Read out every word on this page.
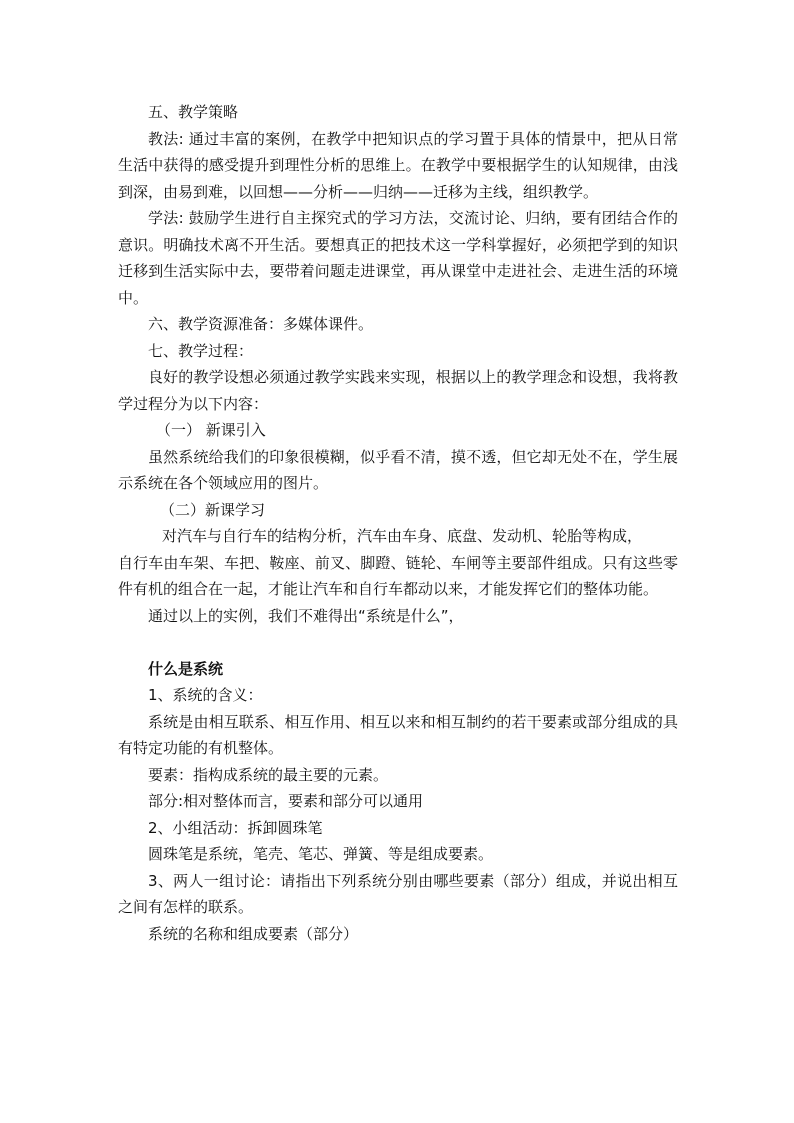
五、教学策略

教法: 通过丰富的案例，在教学中把知识点的学习置于具体的情景中，把从日常生活中获得的感受提升到理性分析的思维上。在教学中要根据学生的认知规律，由浅到深，由易到难，以回想——分析——归纳——迁移为主线，组织教学。

学法: 鼓励学生进行自主探究式的学习方法，交流讨论、归纳，要有团结合作的意识。明确技术离不开生活。要想真正的把技术这一学科掌握好，必须把学到的知识迁移到生活实际中去，要带着问题走进课堂，再从课堂中走进社会、走进生活的环境中。

六、教学资源准备：多媒体课件。

七、教学过程：

良好的教学设想必须通过教学实践来实现，根据以上的教学理念和设想，我将教学过程分为以下内容：

（一） 新课引入

虽然系统给我们的印象很模糊，似乎看不清，摸不透，但它却无处不在，学生展示系统在各个领域应用的图片。

（二）新课学习

对汽车与自行车的结构分析，汽车由车身、底盘、发动机、轮胎等构成，

自行车由车架、车把、鞍座、前叉、脚蹬、链轮、车闸等主要部件组成。只有这些零件有机的组合在一起，才能让汽车和自行车都动以来，才能发挥它们的整体功能。

通过以上的实例，我们不难得出“系统是什么”，

什么是系统

1、系统的含义：

系统是由相互联系、相互作用、相互以来和相互制约的若干要素或部分组成的具有特定功能的有机整体。

要素：指构成系统的最主要的元素。

部分:相对整体而言，要素和部分可以通用

2、小组活动：拆卸圆珠笔

圆珠笔是系统，笔壳、笔芯、弹簧、等是组成要素。

3、两人一组讨论：请指出下列系统分别由哪些要素（部分）组成，并说出相互之间有怎样的联系。

系统的名称和组成要素（部分）
